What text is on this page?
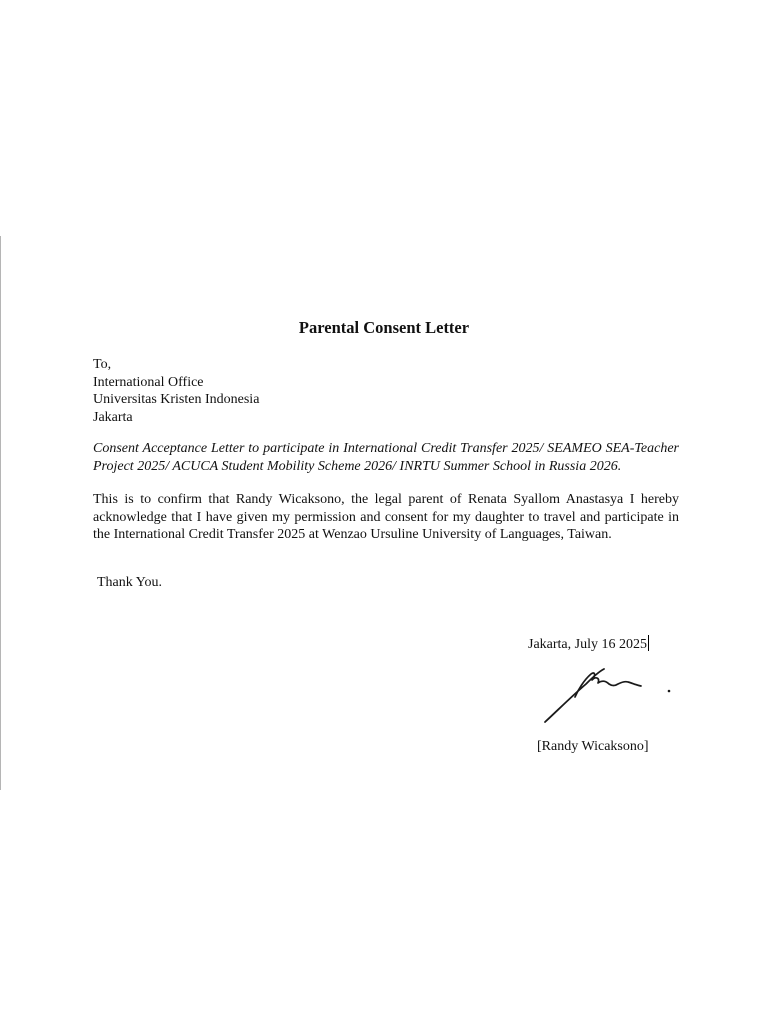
Parental Consent Letter
To,
International Office
Universitas Kristen Indonesia
Jakarta
Consent Acceptance Letter to participate in International Credit Transfer 2025/ SEAMEO SEA-Teacher Project 2025/ ACUCA Student Mobility Scheme 2026/ INRTU Summer School in Russia 2026.
This is to confirm that Randy Wicaksono, the legal parent of Renata Syallom Anastasya I hereby acknowledge that I have given my permission and consent for my daughter to travel and participate in the International Credit Transfer 2025 at Wenzao Ursuline University of Languages, Taiwan.
Thank You.
Jakarta, July 16 2025
[Randy Wicaksono]
